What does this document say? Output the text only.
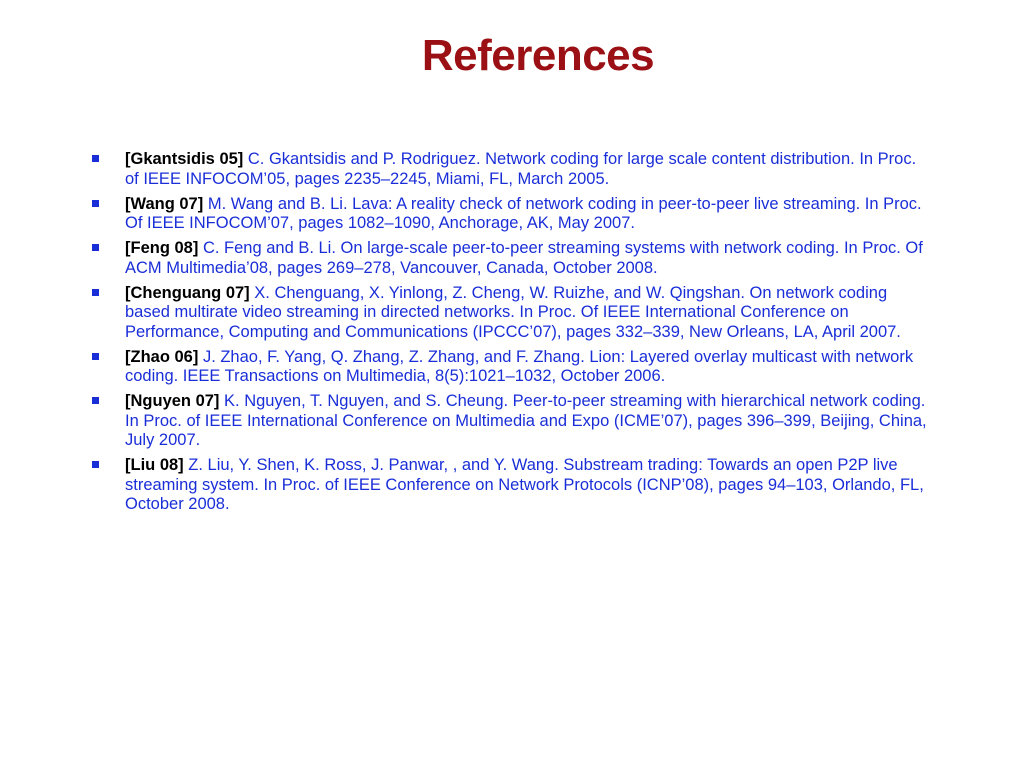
References
[Gkantsidis 05] C. Gkantsidis and P. Rodriguez. Network coding for large scale content distribution. In Proc. of IEEE INFOCOM’05, pages 2235–2245, Miami, FL, March 2005.
[Wang 07] M. Wang and B. Li. Lava: A reality check of network coding in peer-to-peer live streaming. In Proc. Of IEEE INFOCOM’07, pages 1082–1090, Anchorage, AK, May 2007.
[Feng 08] C. Feng and B. Li. On large-scale peer-to-peer streaming systems with network coding. In Proc. Of ACM Multimedia’08, pages 269–278, Vancouver, Canada, October 2008.
[Chenguang 07] X. Chenguang, X. Yinlong, Z. Cheng, W. Ruizhe, and W. Qingshan. On network coding based multirate video streaming in directed networks. In Proc. Of IEEE International Conference on Performance, Computing and Communications (IPCCC’07), pages 332–339, New Orleans, LA, April 2007.
[Zhao 06] J. Zhao, F. Yang, Q. Zhang, Z. Zhang, and F. Zhang. Lion: Layered overlay multicast with network coding. IEEE Transactions on Multimedia, 8(5):1021–1032, October 2006.
[Nguyen 07] K. Nguyen, T. Nguyen, and S. Cheung. Peer-to-peer streaming with hierarchical network coding. In Proc. of IEEE International Conference on Multimedia and Expo (ICME’07), pages 396–399, Beijing, China, July 2007.
[Liu 08] Z. Liu, Y. Shen, K. Ross, J. Panwar, , and Y. Wang. Substream trading: Towards an open P2P live streaming system. In Proc. of IEEE Conference on Network Protocols (ICNP’08), pages 94–103, Orlando, FL, October 2008.
